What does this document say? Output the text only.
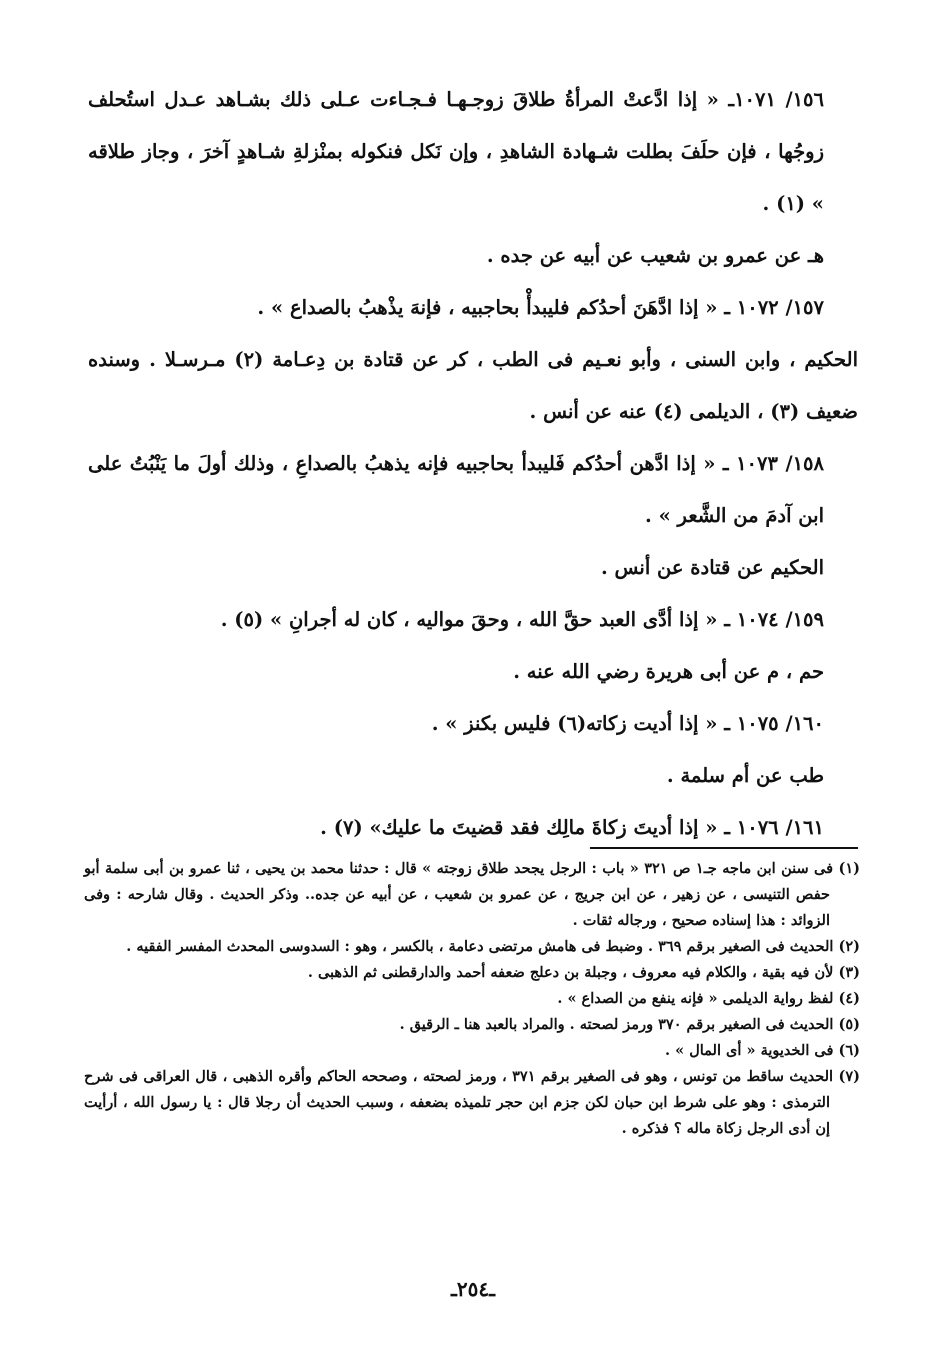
١٥٦/ ١٠٧١ـ « إذا ادَّعتْ المرأةُ طلاقَ زوجـهـا فـجـاءت عـلى ذلك بشـاهد عـدل استُحلف زوجُها ، فإن حلَفَ بطلت شـهادة الشاهدِ ، وإن نَكل فنكوله بمنْزلةِ شـاهدٍ آخرَ ، وجاز طلاقه » (١) .

هـ عن عمرو بن شعيب عن أبيه عن جده .

١٥٧/ ١٠٧٢ ـ « إذا ادَّهَنَ أحدُكم فليبدأْ بحاجبيه ، فإنهَ يذْهبُ بالصداع » .

الحكيم ، وابن السنى ، وأبو نعـيم فى الطب ، كر عن قتادة بن دِعـامة (٢) مـرسـلا . وسنده ضعيف (٣) ، الديلمى (٤) عنه عن أنس .

١٥٨/ ١٠٧٣ ـ « إذا ادَّهن أحدُكم فَليبدأ بحاجبيه فإنه يذهبُ بالصداعِ ، وذلك أولَ ما يَنْبُتُ على ابن آدمَ من الشَّعر » .

الحكيم عن قتادة عن أنس .

١٥٩/ ١٠٧٤ ـ « إذا أدَّى العبد حقَّ الله ، وحقَ مواليه ، كان له أجرانِ » (٥) .

حم ، م عن أبى هريرة رضي الله عنه .

١٦٠/ ١٠٧٥ ـ « إذا أديت زكاته(٦) فليس بكنز » .

طب عن أم سلمة .

١٦١/ ١٠٧٦ ـ « إذا أديتَ زكاةَ مالِك فقد قضيتَ ما عليك» (٧) .

(١) فى سنن ابن ماجه جـ١ ص ٣٢١ « باب : الرجل يجحد طلاق زوجته » قال : حدثنا محمد بن يحيى ، ثنا عمرو بن أبى سلمة أبو حفص التنيسى ، عن زهير ، عن ابن جريج ، عن عمرو بن شعيب ، عن أبيه عن جده.. وذكر الحديث . وقال شارحه : وفى الزوائد : هذا إسناده صحيح ، ورجاله ثقات .

(٢) الحديث فى الصغير برقم ٣٦٩ . وضبط فى هامش مرتضى دعامة ، بالكسر ، وهو : السدوسى المحدث المفسر الفقيه .

(٣) لأن فيه بقية ، والكلام فيه معروف ، وجبلة بن دعلج ضعفه أحمد والدارقطنى ثم الذهبى .

(٤) لفظ رواية الديلمى « فإنه ينفع من الصداع » .

(٥) الحديث فى الصغير برقم ٣٧٠ ورمز لصحته . والمراد بالعبد هنا ـ الرقيق .

(٦) فى الخديوية « أى المال » .

(٧) الحديث ساقط من تونس ، وهو فى الصغير برقم ٣٧١ ، ورمز لصحته ، وصححه الحاكم وأقره الذهبى ، قال العراقى فى شرح الترمذى : وهو على شرط ابن حبان لكن جزم ابن حجر تلميذه بضعفه ، وسبب الحديث أن رجلا قال : يا رسول الله ، أرأيت إن أدى الرجل زكاة ماله ؟ فذكره .

ـ٢٥٤ـ
